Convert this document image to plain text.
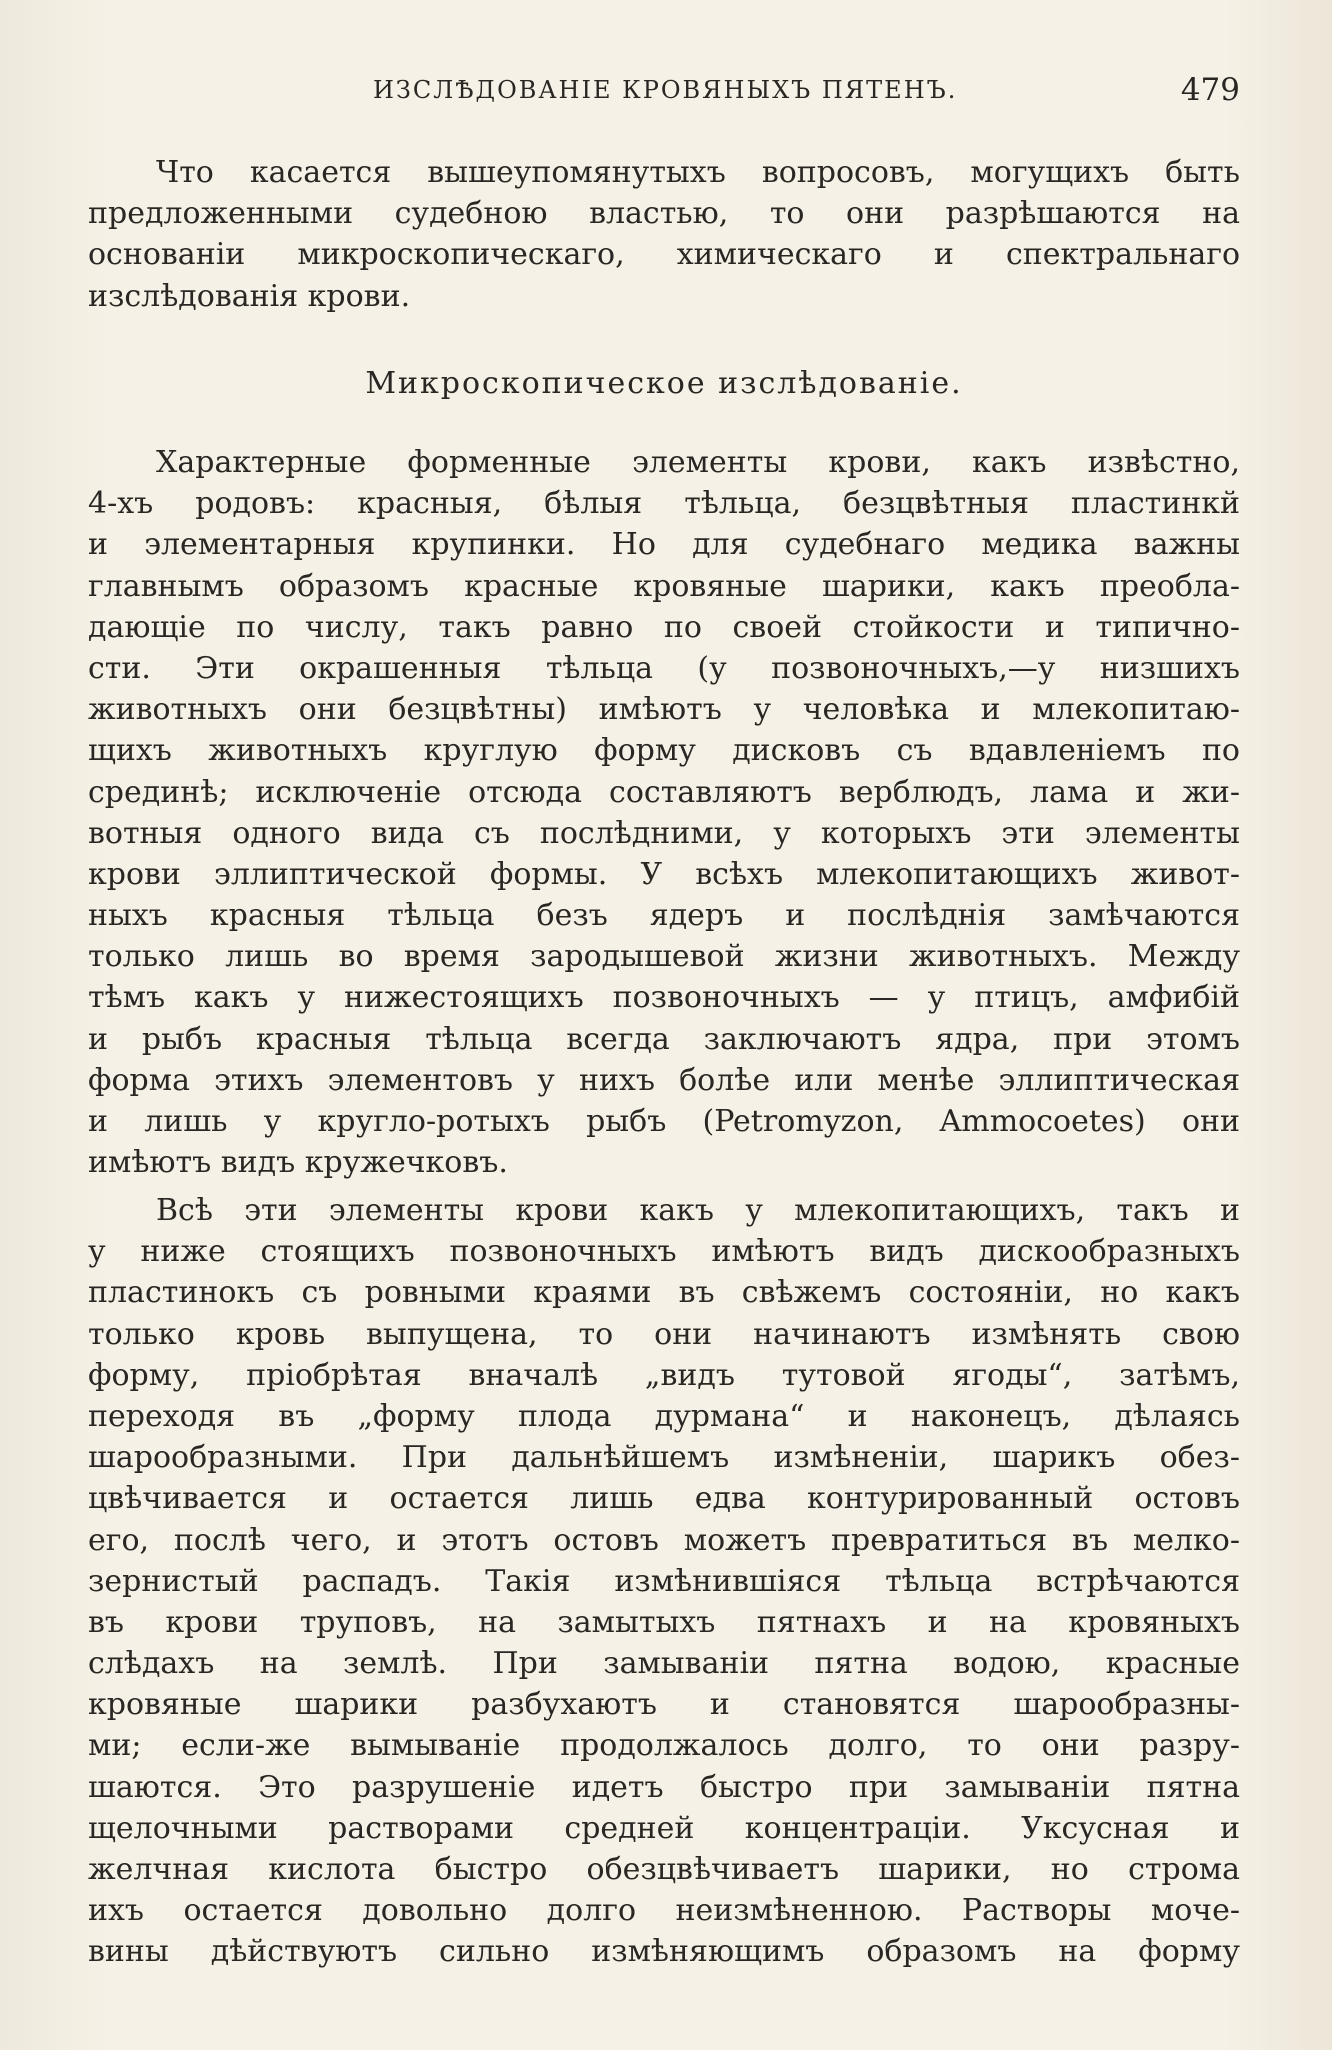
ИЗСЛѢДОВАНІЕ КРОВЯНЫХЪ ПЯТЕНЪ.	479
Что касается вышеупомянутыхъ вопросовъ, могущихъ быть
предложенными судебною властью, то они разрѣшаются на
основаніи микроскопическаго, химическаго и спектральнаго
изслѣдованія крови.
Микроскопическое изслѣдованіе.
Характерные форменные элементы крови, какъ извѣстно,
4-хъ родовъ: красныя, бѣлыя тѣльца, безцвѣтныя пластинкй
и элементарныя крупинки. Но для судебнаго медика важны
главнымъ образомъ красные кровяные шарики, какъ преобла-
дающіе по числу, такъ равно по своей стойкости и типично-
сти. Эти окрашенныя тѣльца (у позвоночныхъ,—у низшихъ
животныхъ они безцвѣтны) имѣютъ у человѣка и млекопитаю-
щихъ животныхъ круглую форму дисковъ съ вдавленіемъ по
срединѣ; исключеніе отсюда составляютъ верблюдъ, лама и жи-
вотныя одного вида съ послѣдними, у которыхъ эти элементы
крови эллиптической формы. У всѣхъ млекопитающихъ живот-
ныхъ красныя тѣльца безъ ядеръ и послѣднія замѣчаются
только лишь во время зародышевой жизни животныхъ. Между
тѣмъ какъ у нижестоящихъ позвоночныхъ — у птицъ, амфибій
и рыбъ красныя тѣльца всегда заключаютъ ядра, при этомъ
форма этихъ элементовъ у нихъ болѣе или менѣе эллиптическая
и лишь у кругло-ротыхъ рыбъ (Petromyzon, Ammocoetes) они
имѣютъ видъ кружечковъ.
Всѣ эти элементы крови какъ у млекопитающихъ, такъ и
у ниже стоящихъ позвоночныхъ имѣютъ видъ дискообразныхъ
пластинокъ съ ровными краями въ свѣжемъ состояніи, но какъ
только кровь выпущена, то они начинаютъ измѣнять свою
форму, пріобрѣтая вначалѣ „видъ тутовой ягоды“, затѣмъ,
переходя въ „форму плода дурмана“ и наконецъ, дѣлаясь
шарообразными. При дальнѣйшемъ измѣненіи, шарикъ обез-
цвѣчивается и остается лишь едва контурированный остовъ
его, послѣ чего, и этотъ остовъ можетъ превратиться въ мелко-
зернистый распадъ. Такія измѣнившіяся тѣльца встрѣчаются
въ крови труповъ, на замытыхъ пятнахъ и на кровяныхъ
слѣдахъ на землѣ. При замываніи пятна водою, красные
кровяные шарики разбухаютъ и становятся шарообразны-
ми; если-же вымываніе продолжалось долго, то они разру-
шаются. Это разрушеніе идетъ быстро при замываніи пятна
щелочными растворами средней концентраціи. Уксусная и
желчная кислота быстро обезцвѣчиваетъ шарики, но строма
ихъ остается довольно долго неизмѣненною. Растворы моче-
вины дѣйствуютъ сильно измѣняющимъ образомъ на форму
